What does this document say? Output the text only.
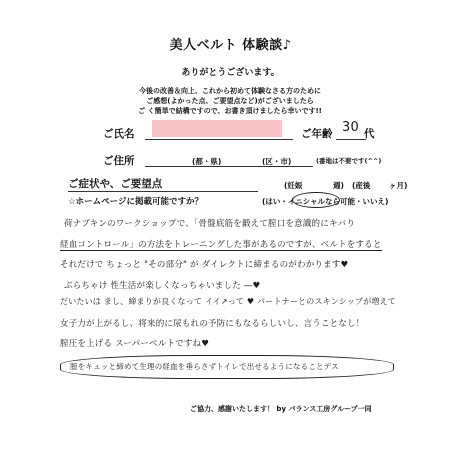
美人ベルト 体験談♪
ありがとうございます。
今後の改善＆向上、これから初めて体験なさる方のために
ご感想(よかった点、ご要望点など)がございましたら
ご く簡単で結構ですので、お書き頂けましたら幸いです!!
ご氏名	ご年齢 30 代
ご住所	(都・県)	(区・市)	(番地は不要です(^^)
ご症状や、ご要望点	(妊娠	週) (産後 ヶ月)
☆ホームページに掲載可能ですか？	(はい・イニシャルなら可能・いいえ)
荷ナブキンのワークショップで、「骨盤底筋を鍛えて膣口を意識的にキバり
経血コントロール」の方法をトレーニングした事があるのですが、ベルトをすると
それだけで ちょっと "その部分" が ダイレクトに締まるのがわかります♥
ぶらちゃけ 性生活が楽しくなっちゃいました ―♥
だいたいは まし、締まりが良くなって イイ↗って ♥ パートナーとのスキンシップが増えて
女子力が上がるし、将来的に尿もれの予防にもなるらしいし、言うことなし！
膣圧を上げる スーパーベルトですね♥
膣をキュッと締めて生理の経血を垂らさずトイレで出せるようになることデス
ご協力、感謝いたします！ by バランス工房グループ一同
